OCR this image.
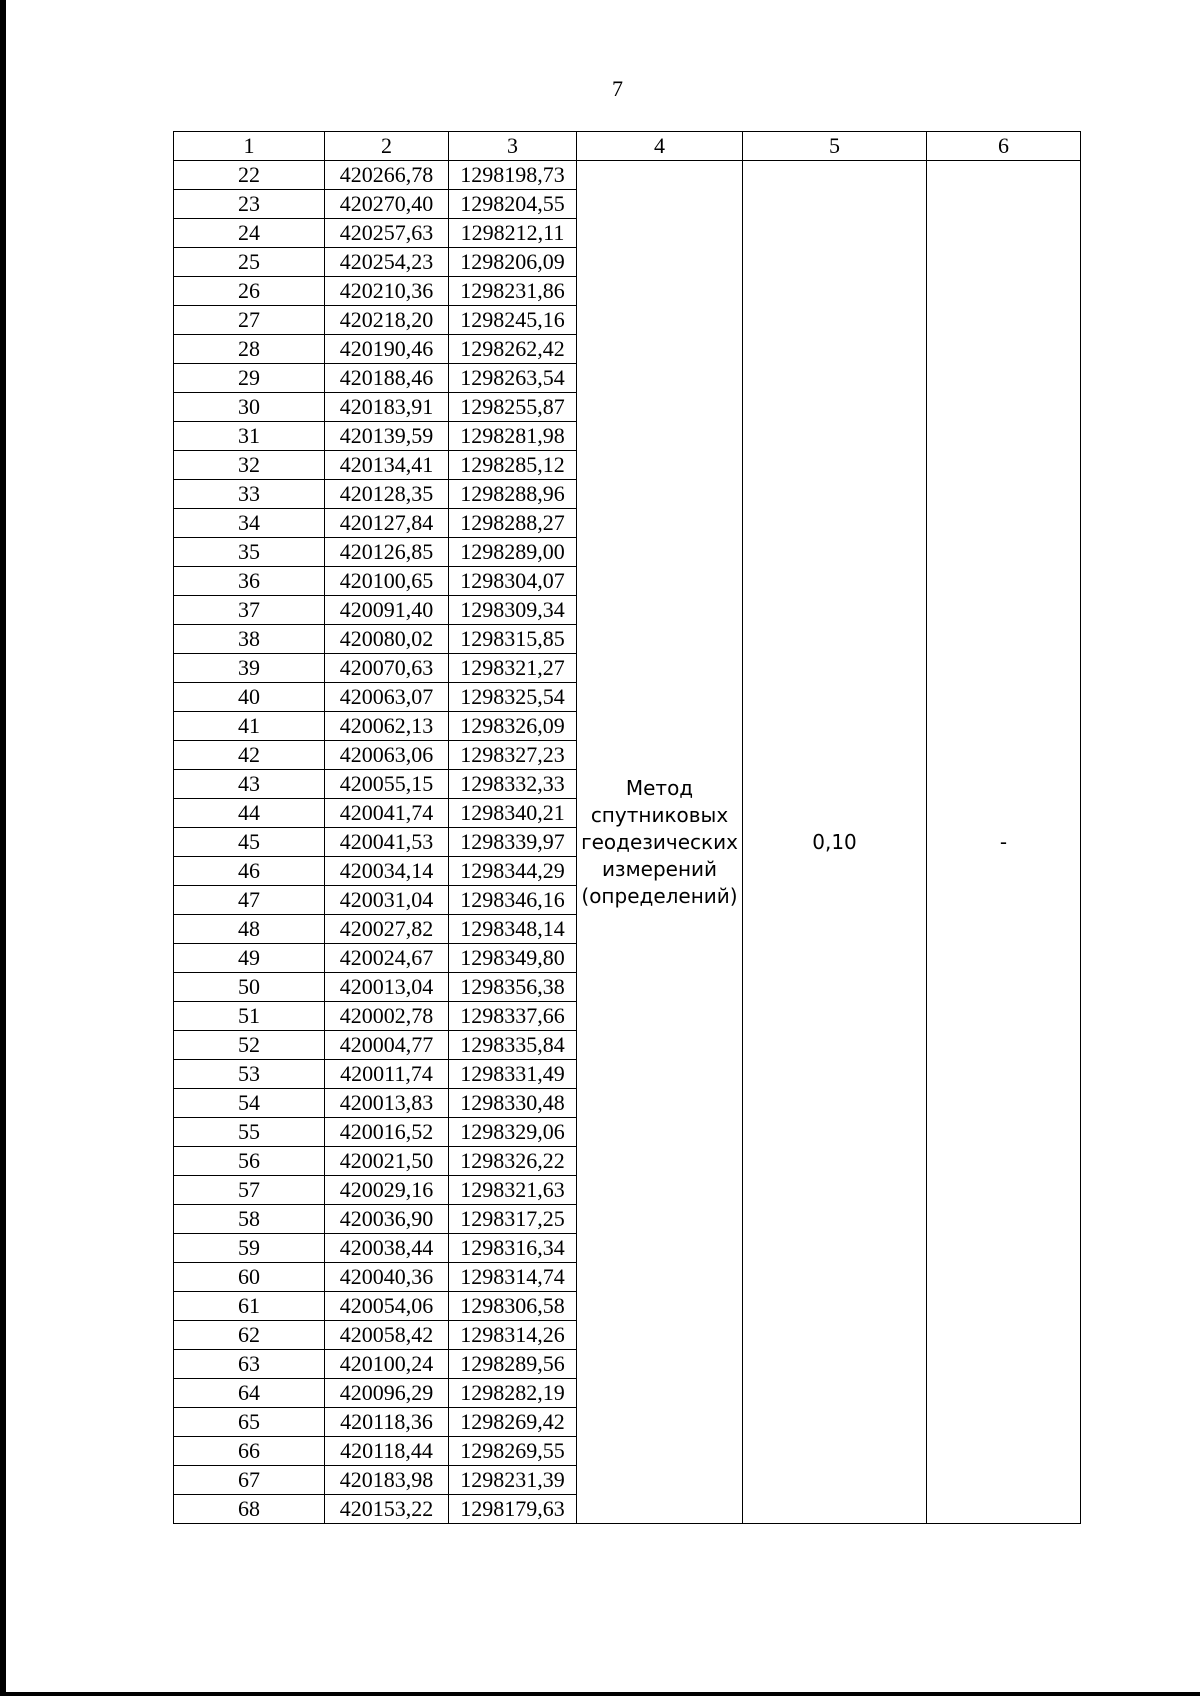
7
1	2	3	4	5	6
22	420266,78	1298198,73	Метод
спутниковых
геодезических
измерений
(определений)	0,10	-
23	420270,40	1298204,55			
24	420257,63	1298212,11			
25	420254,23	1298206,09			
26	420210,36	1298231,86			
27	420218,20	1298245,16			
28	420190,46	1298262,42			
29	420188,46	1298263,54			
30	420183,91	1298255,87			
31	420139,59	1298281,98			
32	420134,41	1298285,12			
33	420128,35	1298288,96			
34	420127,84	1298288,27			
35	420126,85	1298289,00			
36	420100,65	1298304,07			
37	420091,40	1298309,34			
38	420080,02	1298315,85			
39	420070,63	1298321,27			
40	420063,07	1298325,54			
41	420062,13	1298326,09			
42	420063,06	1298327,23			
43	420055,15	1298332,33			
44	420041,74	1298340,21			
45	420041,53	1298339,97			
46	420034,14	1298344,29			
47	420031,04	1298346,16			
48	420027,82	1298348,14			
49	420024,67	1298349,80			
50	420013,04	1298356,38			
51	420002,78	1298337,66			
52	420004,77	1298335,84			
53	420011,74	1298331,49			
54	420013,83	1298330,48			
55	420016,52	1298329,06			
56	420021,50	1298326,22			
57	420029,16	1298321,63			
58	420036,90	1298317,25			
59	420038,44	1298316,34			
60	420040,36	1298314,74			
61	420054,06	1298306,58			
62	420058,42	1298314,26			
63	420100,24	1298289,56			
64	420096,29	1298282,19			
65	420118,36	1298269,42			
66	420118,44	1298269,55			
67	420183,98	1298231,39			
68	420153,22	1298179,63			
